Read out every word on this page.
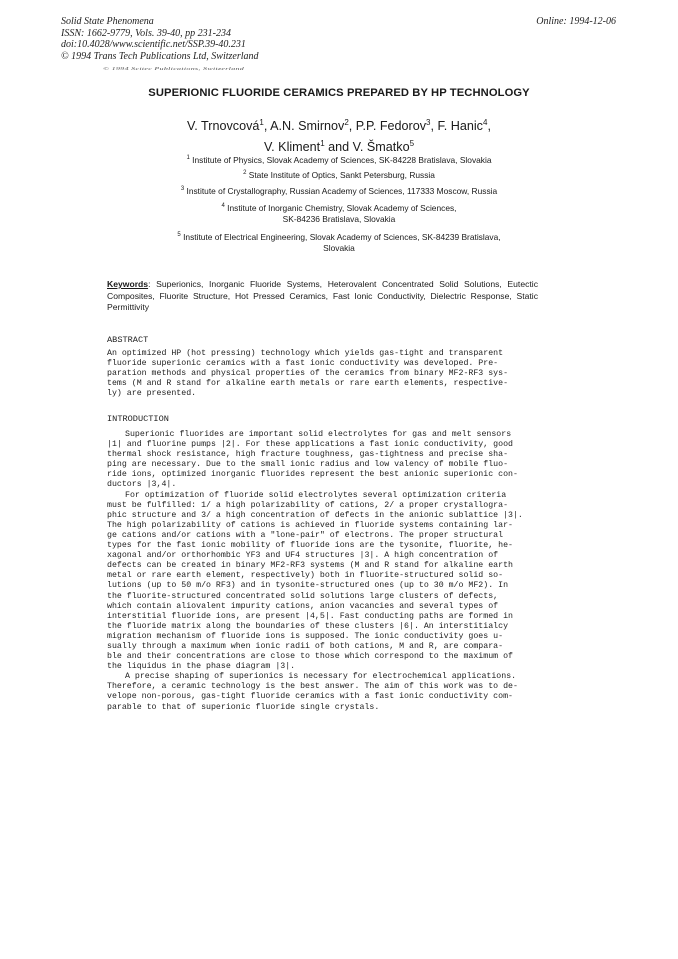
Solid State Phenomena
ISSN: 1662-9779, Vols. 39-40, pp 231-234
doi:10.4028/www.scientific.net/SSP.39-40.231
© 1994 Trans Tech Publications Ltd, Switzerland
Online: 1994-12-06
© 1994 Scitec Publications, Switzerland
SUPERIONIC FLUORIDE CERAMICS PREPARED BY HP TECHNOLOGY
V. Trnovcová$^1$, A.N. Smirnov$^2$, P.P. Fedorov$^3$, F. Hanic$^4$,
V. Kliment$^1$ and V. Šmatko$^5$
$^1$ Institute of Physics, Slovak Academy of Sciences, SK-84228 Bratislava, Slovakia
$^2$ State Institute of Optics, Sankt Petersburg, Russia
$^3$ Institute of Crystallography, Russian Academy of Sciences, 117333 Moscow, Russia
$^4$ Institute of Inorganic Chemistry, Slovak Academy of Sciences,
SK-84236 Bratislava, Slovakia
$^5$ Institute of Electrical Engineering, Slovak Academy of Sciences, SK-84239 Bratislava,
Slovakia
Keywords: Superionics, Inorganic Fluoride Systems, Heterovalent Concentrated Solid Solutions, Eutectic Composites, Fluorite Structure, Hot Pressed Ceramics, Fast Ionic Conductivity, Dielectric Response, Static Permittivity
ABSTRACT
An optimized HP (hot pressing) technology which yields gas-tight and transparent
fluoride superionic ceramics with a fast ionic conductivity was developed. Pre-
paration methods and physical properties of the ceramics from binary MF2-RF3 sys-
tems (M and R stand for alkaline earth metals or rare earth elements, respective-
ly) are presented.
INTRODUCTION
Superionic fluorides are important solid electrolytes for gas and melt sensors
|1| and fluorine pumps |2|. For these applications a fast ionic conductivity, good
thermal shock resistance, high fracture toughness, gas-tightness and precise sha-
ping are necessary. Due to the small ionic radius and low valency of mobile fluo-
ride ions, optimized inorganic fluorides represent the best anionic superionic con-
ductors |3,4|.
For optimization of fluoride solid electrolytes several optimization criteria
must be fulfilled: 1/ a high polarizability of cations, 2/ a proper crystallogra-
phic structure and 3/ a high concentration of defects in the anionic sublattice |3|.
The high polarizability of cations is achieved in fluoride systems containing lar-
ge cations and/or cations with a "lone-pair" of electrons. The proper structural
types for the fast ionic mobility of fluoride ions are the tysonite, fluorite, he-
xagonal and/or orthorhombic YF3 and UF4 structures |3|. A high concentration of
defects can be created in binary MF2-RF3 systems (M and R stand for alkaline earth
metal or rare earth element, respectively) both in fluorite-structured solid so-
lutions (up to 50 m/o RF3) and in tysonite-structured ones (up to 30 m/o MF2). In
the fluorite-structured concentrated solid solutions large clusters of defects,
which contain aliovalent impurity cations, anion vacancies and several types of
interstitial fluoride ions, are present |4,5|. Fast conducting paths are formed in
the fluoride matrix along the boundaries of these clusters |6|. An interstitialcy
migration mechanism of fluoride ions is supposed. The ionic conductivity goes u-
sually through a maximum when ionic radii of both cations, M and R, are compara-
ble and their concentrations are close to those which correspond to the maximum of
the liquidus in the phase diagram |3|.
A precise shaping of superionics is necessary for electrochemical applications.
Therefore, a ceramic technology is the best answer. The aim of this work was to de-
velope non-porous, gas-tight fluoride ceramics with a fast ionic conductivity com-
parable to that of superionic fluoride single crystals.
